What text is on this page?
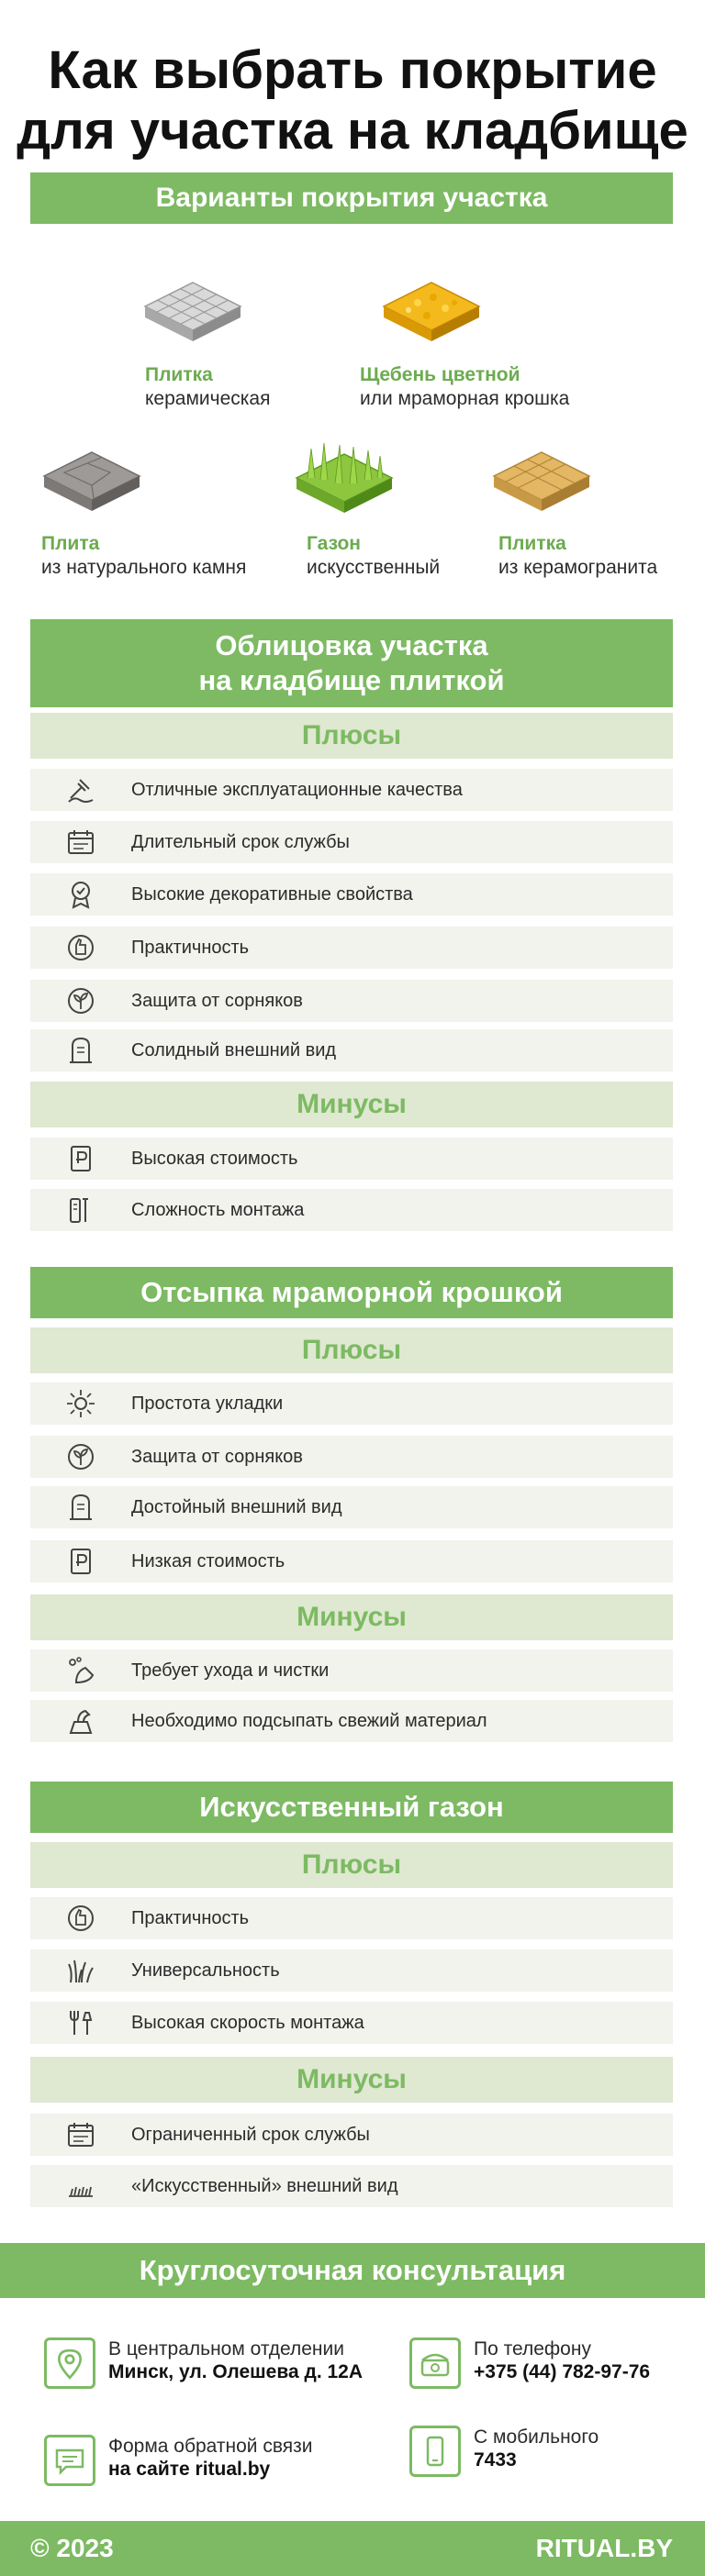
Как выбрать покрытие
для участка на кладбище
Варианты покрытия участка
Плитка
керамическая
Щебень цветной
или мраморная крошка
Плита
из натурального камня
Газон
искусственный
Плитка
из керамогранита
Облицовка участка
на кладбище плиткой
Плюсы
Отличные эксплуатационные качества
Длительный срок службы
Высокие декоративные свойства
Практичность
Защита от сорняков
Солидный внешний вид
Минусы
Высокая стоимость
Сложность монтажа
Отсыпка мраморной крошкой
Плюсы
Простота укладки
Защита от сорняков
Достойный внешний вид
Низкая стоимость
Минусы
Требует ухода и чистки
Необходимо подсыпать свежий материал
Искусственный газон
Плюсы
Практичность
Универсальность
Высокая скорость монтажа
Минусы
Ограниченный срок службы
«Искусственный» внешний вид
Круглосуточная консультация
В центральном отделении
Минск, ул. Олешева д. 12А
По телефону
+375 (44) 782-97-76
Форма обратной связи
на сайте ritual.by
С мобильного
7433
© 2023	RITUAL.BY
